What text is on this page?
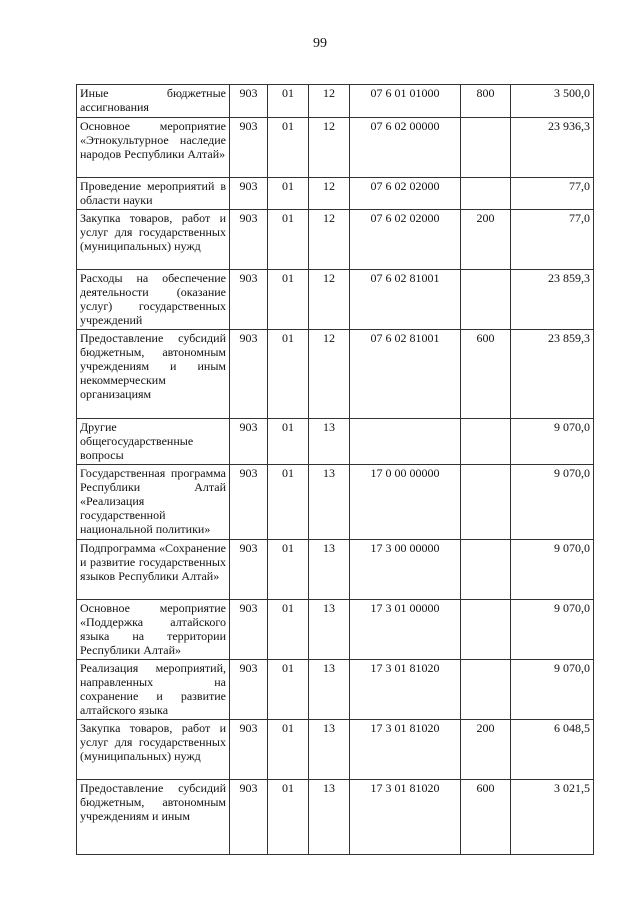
99
Иные бюджетные ассигнования	903	01	12	07 6 01 01000	800	3 500,0
Основное мероприятие «Этнокультурное наследие народов Республики Алтай»	903	01	12	07 6 02 00000		23 936,3
Проведение мероприятий в области науки	903	01	12	07 6 02 02000		77,0
Закупка товаров, работ и услуг для государственных (муниципальных) нужд	903	01	12	07 6 02 02000	200	77,0
Расходы на обеспечение деятельности (оказание услуг) государственных учреждений	903	01	12	07 6 02 81001		23 859,3
Предоставление субсидий бюджетным, автономным учреждениям и иным некоммерческим организациям	903	01	12	07 6 02 81001	600	23 859,3
Другие общегосударственные вопросы	903	01	13			9 070,0
Государственная программа Республики Алтай «Реализация государственной национальной политики»	903	01	13	17 0 00 00000		9 070,0
Подпрограмма «Сохранение и развитие государственных языков Республики Алтай»	903	01	13	17 3 00 00000		9 070,0
Основное мероприятие «Поддержка алтайского языка на территории Республики Алтай»	903	01	13	17 3 01 00000		9 070,0
Реализация мероприятий, направленных на сохранение и развитие алтайского языка	903	01	13	17 3 01 81020		9 070,0
Закупка товаров, работ и услуг для государственных (муниципальных) нужд	903	01	13	17 3 01 81020	200	6 048,5
Предоставление субсидий бюджетным, автономным учреждениям и иным	903	01	13	17 3 01 81020	600	3 021,5
